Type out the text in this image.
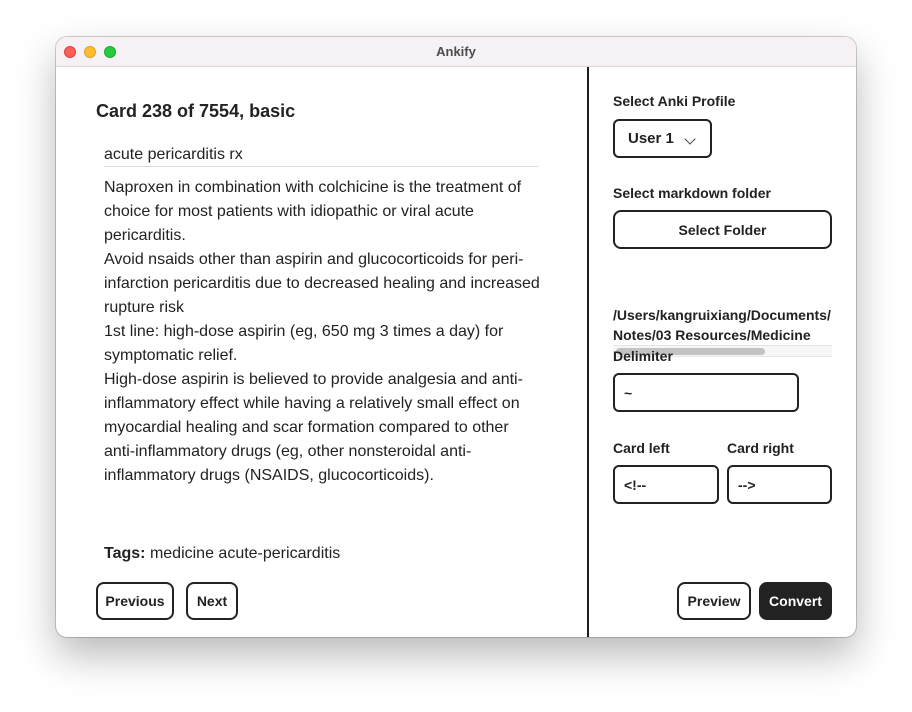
Ankify
Card 238 of 7554, basic
acute pericarditis rx

Naproxen in combination with colchicine is the treatment of choice for most patients with idiopathic or viral acute pericarditis.

Avoid nsaids other than aspirin and glucocorticoids for peri-infarction pericarditis due to decreased healing and increased rupture risk

1st line: high-dose aspirin (eg, 650 mg 3 times a day) for symptomatic relief.

High-dose aspirin is believed to provide analgesia and anti-inflammatory effect while having a relatively small effect on myocardial healing and scar formation compared to other anti-inflammatory drugs (eg, other nonsteroidal anti-inflammatory drugs (NSAIDS, glucocorticoids).

Tags: medicine acute-pericarditis
Previous	Next
Select Anki Profile
User 1
Select markdown folder
Select Folder
/Users/kangruixiang/Documents/
Notes/03 Resources/Medicine
Delimiter
~
Card left	Card right
<!--
-->
Preview	Convert
